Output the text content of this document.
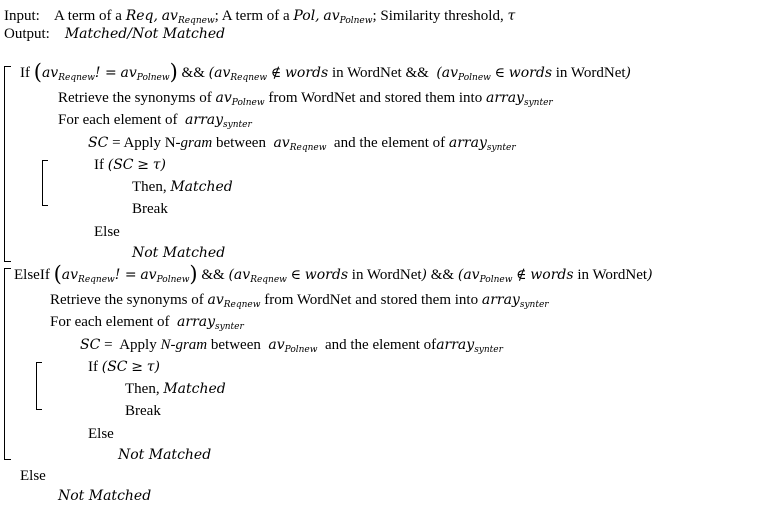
Input: A term of a Req, $av_{Reqnew}$; A term of a Pol, $av_{Polnew}$; Similarity threshold, τ
Output: Matched/Not Matched
If ($av_{Reqnew}$! = $av_{Polnew}$) && ($av_{Reqnew}$ ∉ words in WordNet && ($av_{Polnew}$ ∈ words in WordNet)
Retrieve the synonyms of $av_{Polnew}$ from WordNet and stored them into array$_{synter}$
For each element of array$_{synter}$
SC = Apply N-gram between $av_{Reqnew}$ and the element of array$_{synter}$
If (SC ≥ τ)
Then, Matched
Break
Else
Not Matched
ElseIf ($av_{Reqnew}$! = $av_{Polnew}$) && ($av_{Reqnew}$ ∈ words in WordNet) && ($av_{Polnew}$ ∉ words in WordNet)
Retrieve the synonyms of $av_{Reqnew}$ from WordNet and stored them into array$_{synter}$
For each element of array$_{synter}$
SC = Apply N-gram between $av_{Polnew}$ and the element ofarray$_{synter}$
If (SC ≥ τ)
Then, Matched
Break
Else
Not Matched
Else
Not Matched
